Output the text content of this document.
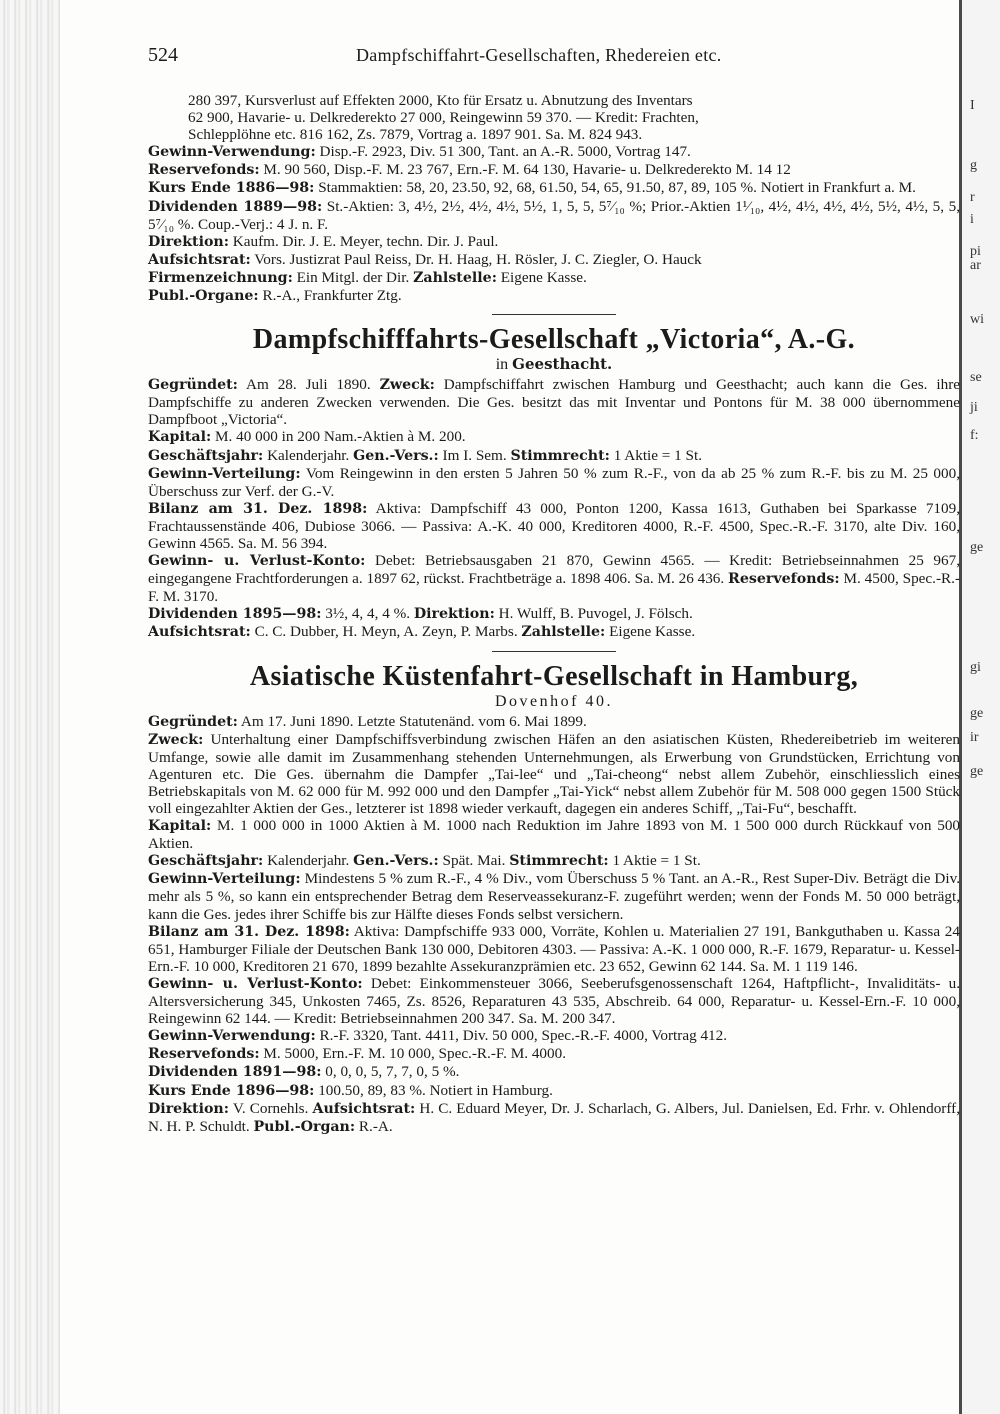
I
g
r
i
pi
ar
wi
se
ji
f:
ge
gi
ge
ir
ge
524	Dampfschiffahrt-Gesellschaften, Rhedereien etc.

280 397, Kursverlust auf Effekten 2000, Kto für Ersatz u. Abnutzung des Inventars

62 900, Havarie- u. Delkrederekto 27 000, Reingewinn 59 370. — Kredit: Frachten,

Schlepplöhne etc. 816 162, Zs. 7879, Vortrag a. 1897 901. Sa. M. 824 943.

Gewinn-Verwendung: Disp.-F. 2923, Div. 51 300, Tant. an A.-R. 5000, Vortrag 147.

Reservefonds: M. 90 560, Disp.-F. M. 23 767, Ern.-F. M. 64 130, Havarie- u. Delkrederekto M. 14 12

Kurs Ende 1886—98: Stammaktien: 58, 20, 23.50, 92, 68, 61.50, 54, 65, 91.50, 87, 89, 105 %. Notiert in Frankfurt a. M.

Dividenden 1889—98: St.-Aktien: 3, 4½, 2½, 4½, 4½, 5½, 1, 5, 5, 5⁷⁄₁₀ %; Prior.-Aktien 1¹⁄₁₀, 4½, 4½, 4½, 4½, 5½, 4½, 5, 5, 5⁷⁄₁₀ %. Coup.-Verj.: 4 J. n. F.

Direktion: Kaufm. Dir. J. E. Meyer, techn. Dir. J. Paul.

Aufsichtsrat: Vors. Justizrat Paul Reiss, Dr. H. Haag, H. Rösler, J. C. Ziegler, O. Hauck

Firmenzeichnung: Ein Mitgl. der Dir. Zahlstelle: Eigene Kasse.

Publ.-Organe: R.-A., Frankfurter Ztg.

Dampfschifffahrts-Gesellschaft „Victoria“, A.-G.

in Geesthacht.

Gegründet: Am 28. Juli 1890. Zweck: Dampfschiffahrt zwischen Hamburg und Geesthacht; auch kann die Ges. ihre Dampfschiffe zu anderen Zwecken verwenden. Die Ges. besitzt das mit Inventar und Pontons für M. 38 000 übernommene Dampfboot „Victoria“.

Kapital: M. 40 000 in 200 Nam.-Aktien à M. 200.

Geschäftsjahr: Kalenderjahr. Gen.-Vers.: Im I. Sem. Stimmrecht: 1 Aktie = 1 St.

Gewinn-Verteilung: Vom Reingewinn in den ersten 5 Jahren 50 % zum R.-F., von da ab 25 % zum R.-F. bis zu M. 25 000, Überschuss zur Verf. der G.-V.

Bilanz am 31. Dez. 1898: Aktiva: Dampfschiff 43 000, Ponton 1200, Kassa 1613, Guthaben bei Sparkasse 7109, Frachtaussenstände 406, Dubiose 3066. — Passiva: A.-K. 40 000, Kreditoren 4000, R.-F. 4500, Spec.-R.-F. 3170, alte Div. 160, Gewinn 4565. Sa. M. 56 394.

Gewinn- u. Verlust-Konto: Debet: Betriebsausgaben 21 870, Gewinn 4565. — Kredit: Betriebseinnahmen 25 967, eingegangene Frachtforderungen a. 1897 62, rückst. Frachtbeträge a. 1898 406. Sa. M. 26 436. Reservefonds: M. 4500, Spec.-R.-F. M. 3170.

Dividenden 1895—98: 3½, 4, 4, 4 %. Direktion: H. Wulff, B. Puvogel, J. Fölsch.

Aufsichtsrat: C. C. Dubber, H. Meyn, A. Zeyn, P. Marbs. Zahlstelle: Eigene Kasse.

Asiatische Küstenfahrt-Gesellschaft in Hamburg,

Dovenhof 40.

Gegründet: Am 17. Juni 1890. Letzte Statutenänd. vom 6. Mai 1899.

Zweck: Unterhaltung einer Dampfschiffsverbindung zwischen Häfen an den asiatischen Küsten, Rhedereibetrieb im weiteren Umfange, sowie alle damit im Zusammenhang stehenden Unternehmungen, als Erwerbung von Grundstücken, Errichtung von Agenturen etc. Die Ges. übernahm die Dampfer „Tai-lee“ und „Tai-cheong“ nebst allem Zubehör, einschliesslich eines Betriebskapitals von M. 62 000 für M. 992 000 und den Dampfer „Tai-Yick“ nebst allem Zubehör für M. 508 000 gegen 1500 Stück voll eingezahlter Aktien der Ges., letzterer ist 1898 wieder verkauft, dagegen ein anderes Schiff, „Tai-Fu“, beschafft.

Kapital: M. 1 000 000 in 1000 Aktien à M. 1000 nach Reduktion im Jahre 1893 von M. 1 500 000 durch Rückkauf von 500 Aktien.

Geschäftsjahr: Kalenderjahr. Gen.-Vers.: Spät. Mai. Stimmrecht: 1 Aktie = 1 St.

Gewinn-Verteilung: Mindestens 5 % zum R.-F., 4 % Div., vom Überschuss 5 % Tant. an A.-R., Rest Super-Div. Beträgt die Div. mehr als 5 %, so kann ein entsprechender Betrag dem Reserveassekuranz-F. zugeführt werden; wenn der Fonds M. 50 000 beträgt, kann die Ges. jedes ihrer Schiffe bis zur Hälfte dieses Fonds selbst versichern.

Bilanz am 31. Dez. 1898: Aktiva: Dampfschiffe 933 000, Vorräte, Kohlen u. Materialien 27 191, Bankguthaben u. Kassa 24 651, Hamburger Filiale der Deutschen Bank 130 000, Debitoren 4303. — Passiva: A.-K. 1 000 000, R.-F. 1679, Reparatur- u. Kessel-Ern.-F. 10 000, Kreditoren 21 670, 1899 bezahlte Assekuranzprämien etc. 23 652, Gewinn 62 144. Sa. M. 1 119 146.

Gewinn- u. Verlust-Konto: Debet: Einkommensteuer 3066, Seeberufsgenossenschaft 1264, Haftpflicht-, Invaliditäts- u. Altersversicherung 345, Unkosten 7465, Zs. 8526, Reparaturen 43 535, Abschreib. 64 000, Reparatur- u. Kessel-Ern.-F. 10 000, Reingewinn 62 144. — Kredit: Betriebseinnahmen 200 347. Sa. M. 200 347.

Gewinn-Verwendung: R.-F. 3320, Tant. 4411, Div. 50 000, Spec.-R.-F. 4000, Vortrag 412.

Reservefonds: M. 5000, Ern.-F. M. 10 000, Spec.-R.-F. M. 4000.

Dividenden 1891—98: 0, 0, 0, 5, 7, 7, 0, 5 %.

Kurs Ende 1896—98: 100.50, 89, 83 %. Notiert in Hamburg.

Direktion: V. Cornehls. Aufsichtsrat: H. C. Eduard Meyer, Dr. J. Scharlach, G. Albers, Jul. Danielsen, Ed. Frhr. v. Ohlendorff, N. H. P. Schuldt. Publ.-Organ: R.-A.
